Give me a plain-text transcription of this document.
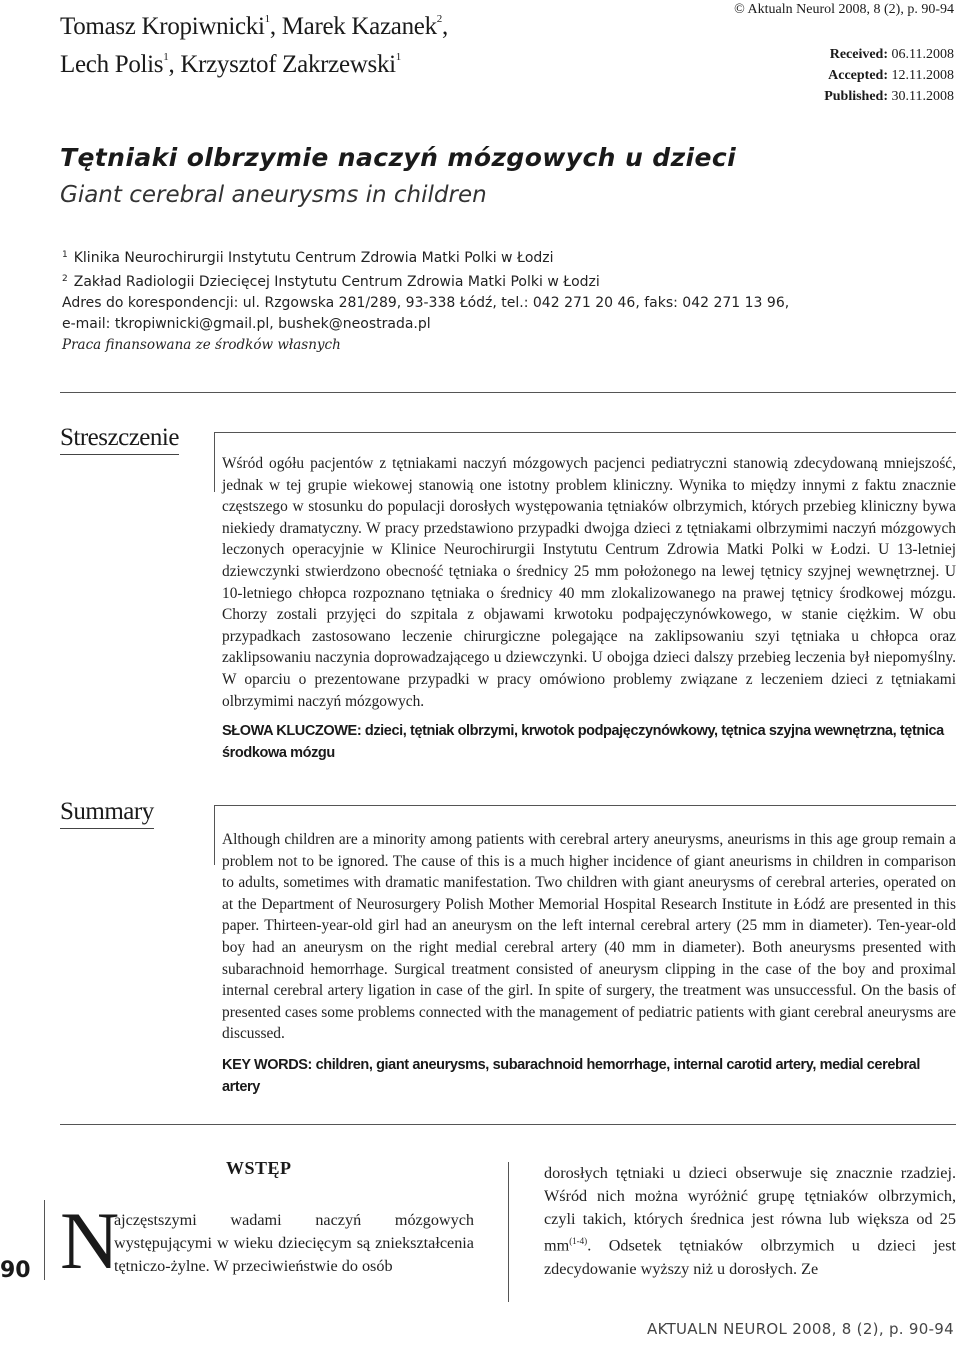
Tomasz Kropiwnicki$^1$, Marek Kazanek$^2$,
Lech Polis$^1$, Krzysztof Zakrzewski$^1$
© Aktualn Neurol 2008, 8 (2), p. 90-94
Received: 06.11.2008
Accepted: 12.11.2008
Published: 30.11.2008
Tętniaki olbrzymie naczyń mózgowych u dzieci
Giant cerebral aneurysms in children
$^1$ Klinika Neurochirurgii Instytutu Centrum Zdrowia Matki Polki w Łodzi
$^2$ Zakład Radiologii Dziecięcej Instytutu Centrum Zdrowia Matki Polki w Łodzi
Adres do korespondencji: ul. Rzgowska 281/289, 93-338 Łódź, tel.: 042 271 20 46, faks: 042 271 13 96,
e-mail: tkropiwnicki@gmail.pl, bushek@neostrada.pl
Praca finansowana ze środków własnych
Streszczenie
Wśród ogółu pacjentów z tętniakami naczyń mózgowych pacjenci pediatryczni stanowią zdecydowaną mniejszość, jednak w tej grupie wiekowej stanowią one istotny problem kliniczny. Wynika to między innymi z faktu znacznie częstszego w stosunku do populacji dorosłych występowania tętniaków olbrzymich, których przebieg kliniczny bywa niekiedy dramatyczny. W pracy przedstawiono przypadki dwojga dzieci z tętniakami olbrzymimi naczyń mózgowych leczonych operacyjnie w Klinice Neurochirurgii Instytutu Centrum Zdrowia Matki Polki w Łodzi. U 13-letniej dziewczynki stwierdzono obecność tętniaka o średnicy 25 mm położonego na lewej tętnicy szyjnej wewnętrznej. U 10-letniego chłopca rozpoznano tętniaka o średnicy 40 mm zlokalizowanego na prawej tętnicy środkowej mózgu. Chorzy zostali przyjęci do szpitala z objawami krwotoku podpajęczynówkowego, w stanie ciężkim. W obu przypadkach zastosowano leczenie chirurgiczne polegające na zaklipsowaniu szyi tętniaka u chłopca oraz zaklipsowaniu naczynia doprowadzającego u dziewczynki. U obojga dzieci dalszy przebieg leczenia był niepomyślny. W oparciu o prezentowane przypadki w pracy omówiono problemy związane z leczeniem dzieci z tętniakami olbrzymimi naczyń mózgowych.
SŁOWA KLUCZOWE: dzieci, tętniak olbrzymi, krwotok podpajęczynówkowy, tętnica szyjna wewnętrzna, tętnica środkowa mózgu
Summary
Although children are a minority among patients with cerebral artery aneurysms, aneurisms in this age group remain a problem not to be ignored. The cause of this is a much higher incidence of giant aneurisms in children in comparison to adults, sometimes with dramatic manifestation. Two children with giant aneurysms of cerebral arteries, operated on at the Department of Neurosurgery Polish Mother Memorial Hospital Research Institute in Łódź are presented in this paper. Thirteen-year-old girl had an aneurysm on the left internal cerebral artery (25 mm in diameter). Ten-year-old boy had an aneurysm on the right medial cerebral artery (40 mm in diameter). Both aneurysms presented with subarachnoid hemorrhage. Surgical treatment consisted of aneurysm clipping in the case of the boy and proximal internal cerebral artery ligation in case of the girl. In spite of surgery, the treatment was unsuccessful. On the basis of presented cases some problems connected with the management of pediatric patients with giant cerebral aneurysms are discussed.
KEY WORDS: children, giant aneurysms, subarachnoid hemorrhage, internal carotid artery, medial cerebral artery
90
WSTĘP
N
ajczęstszymi wadami naczyń mózgowych występującymi w wieku dziecięcym są zniekształcenia tętniczo-żylne. W przeciwieństwie do osób
dorosłych tętniaki u dzieci obserwuje się znacznie rzadziej. Wśród nich można wyróżnić grupę tętniaków olbrzymich, czyli takich, których średnica jest równa lub większa od 25 $mm^{(1-4)}$. Odsetek tętniaków olbrzymich u dzieci jest zdecydowanie wyższy niż u dorosłych. Ze
AKTUALN NEUROL 2008, 8 (2), p. 90-94
